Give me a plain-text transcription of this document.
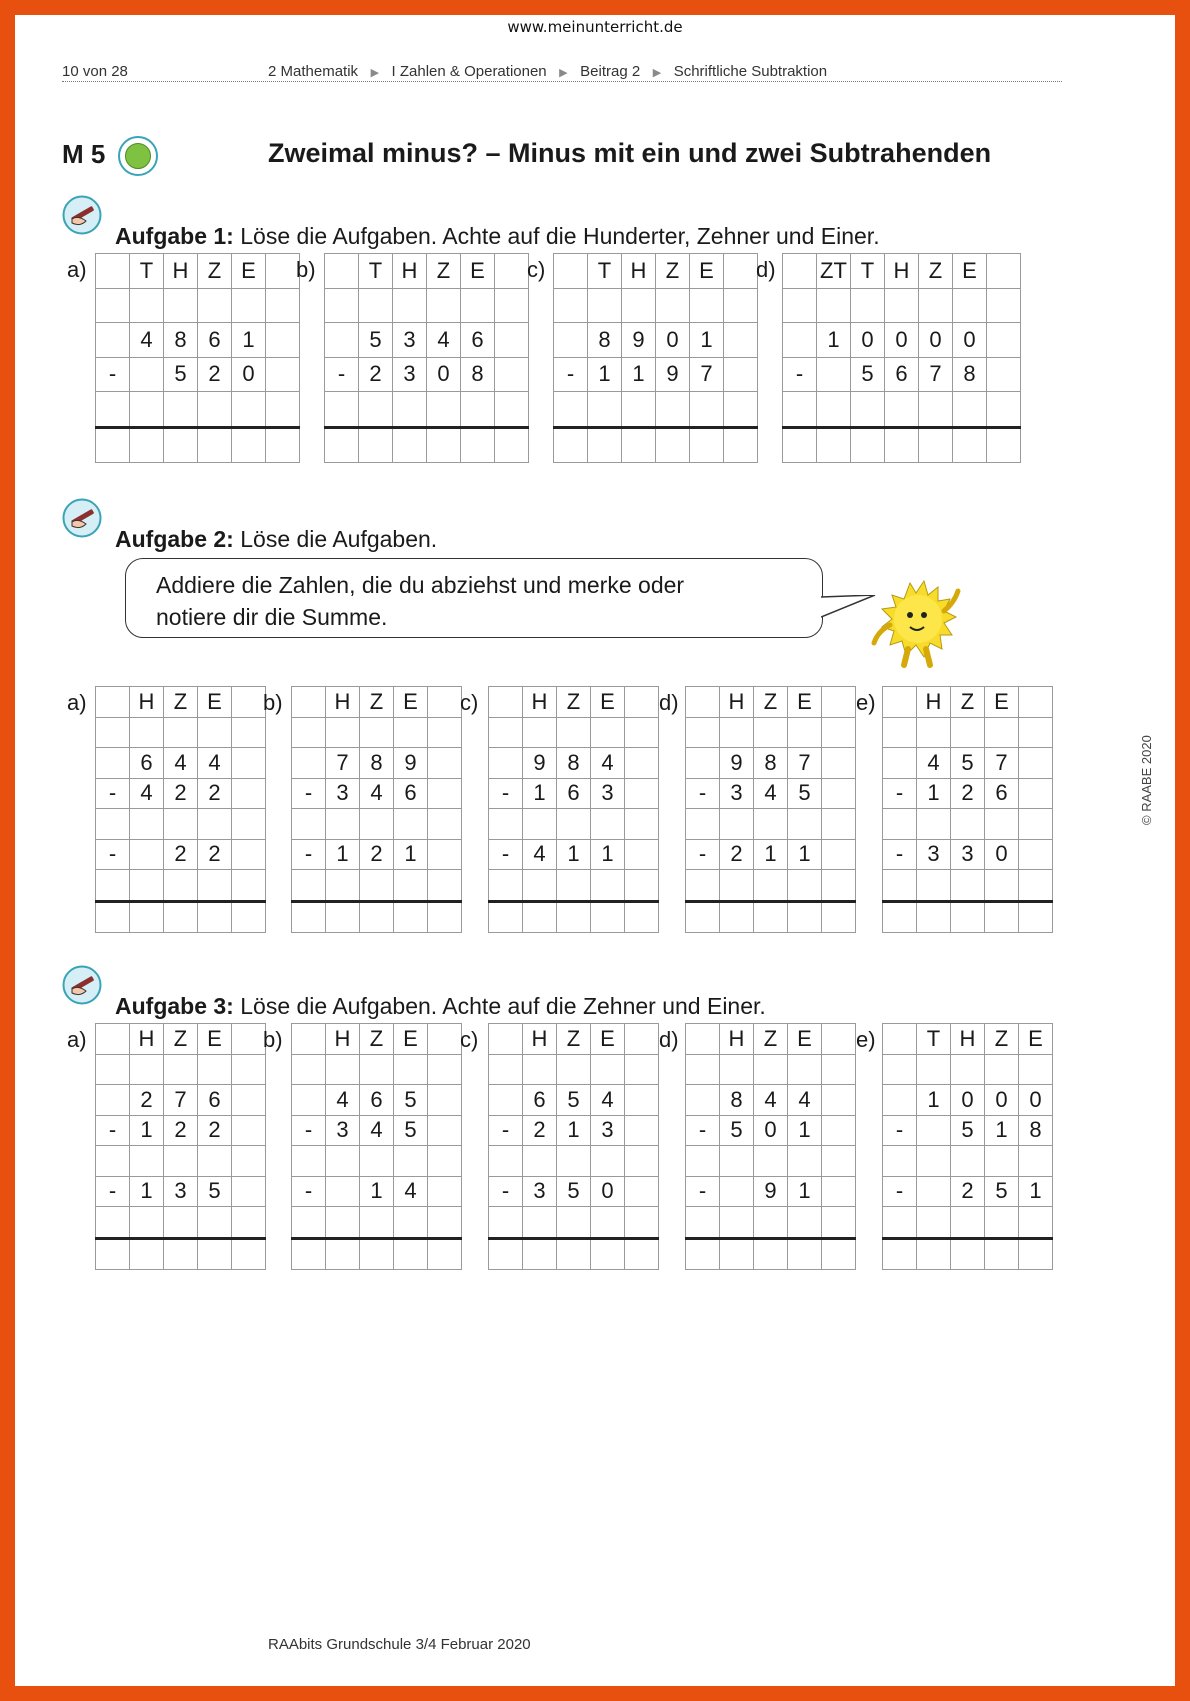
www.meinunterricht.de
10 von 28	2 Mathematik ▶ I Zahlen & Operationen ▶ Beitrag 2 ▶ Schriftliche Subtraktion
M 5	Zweimal minus? – Minus mit ein und zwei Subtrahenden
Aufgabe 1: Löse die Aufgaben. Achte auf die Hunderter, Zehner und Einer.
a)
	T	H	Z	E	

	4	8	6	1	
-		5	2	0	

b)
	T	H	Z	E	

	5	3	4	6	
-	2	3	0	8	

c)
	T	H	Z	E	

	8	9	0	1	
-	1	1	9	7	

d)
	ZT	T	H	Z	E	

	1	0	0	0	0	
-		5	6	7	8	

Aufgabe 2: Löse die Aufgaben.
Addiere die Zahlen, die du abziehst und merke oder
notiere dir die Summe.
a)
	H	Z	E	

	6	4	4	
-	4	2	2	

-		2	2	

b)
	H	Z	E	

	7	8	9	
-	3	4	6	

-	1	2	1	

c)
	H	Z	E	

	9	8	4	
-	1	6	3	

-	4	1	1	

d)
	H	Z	E	

	9	8	7	
-	3	4	5	

-	2	1	1	

e)
	H	Z	E	

	4	5	7	
-	1	2	6	

-	3	3	0	

Aufgabe 3: Löse die Aufgaben. Achte auf die Zehner und Einer.
a)
	H	Z	E	

	2	7	6	
-	1	2	2	

-	1	3	5	

b)
	H	Z	E	

	4	6	5	
-	3	4	5	

-		1	4	

c)
	H	Z	E	

	6	5	4	
-	2	1	3	

-	3	5	0	

d)
	H	Z	E	

	8	4	4	
-	5	0	1	

-		9	1	

e)
	T	H	Z	E

	1	0	0	0
-		5	1	8

-		2	5	1

© RAABE 2020
RAAbits Grundschule 3/4 Februar 2020
